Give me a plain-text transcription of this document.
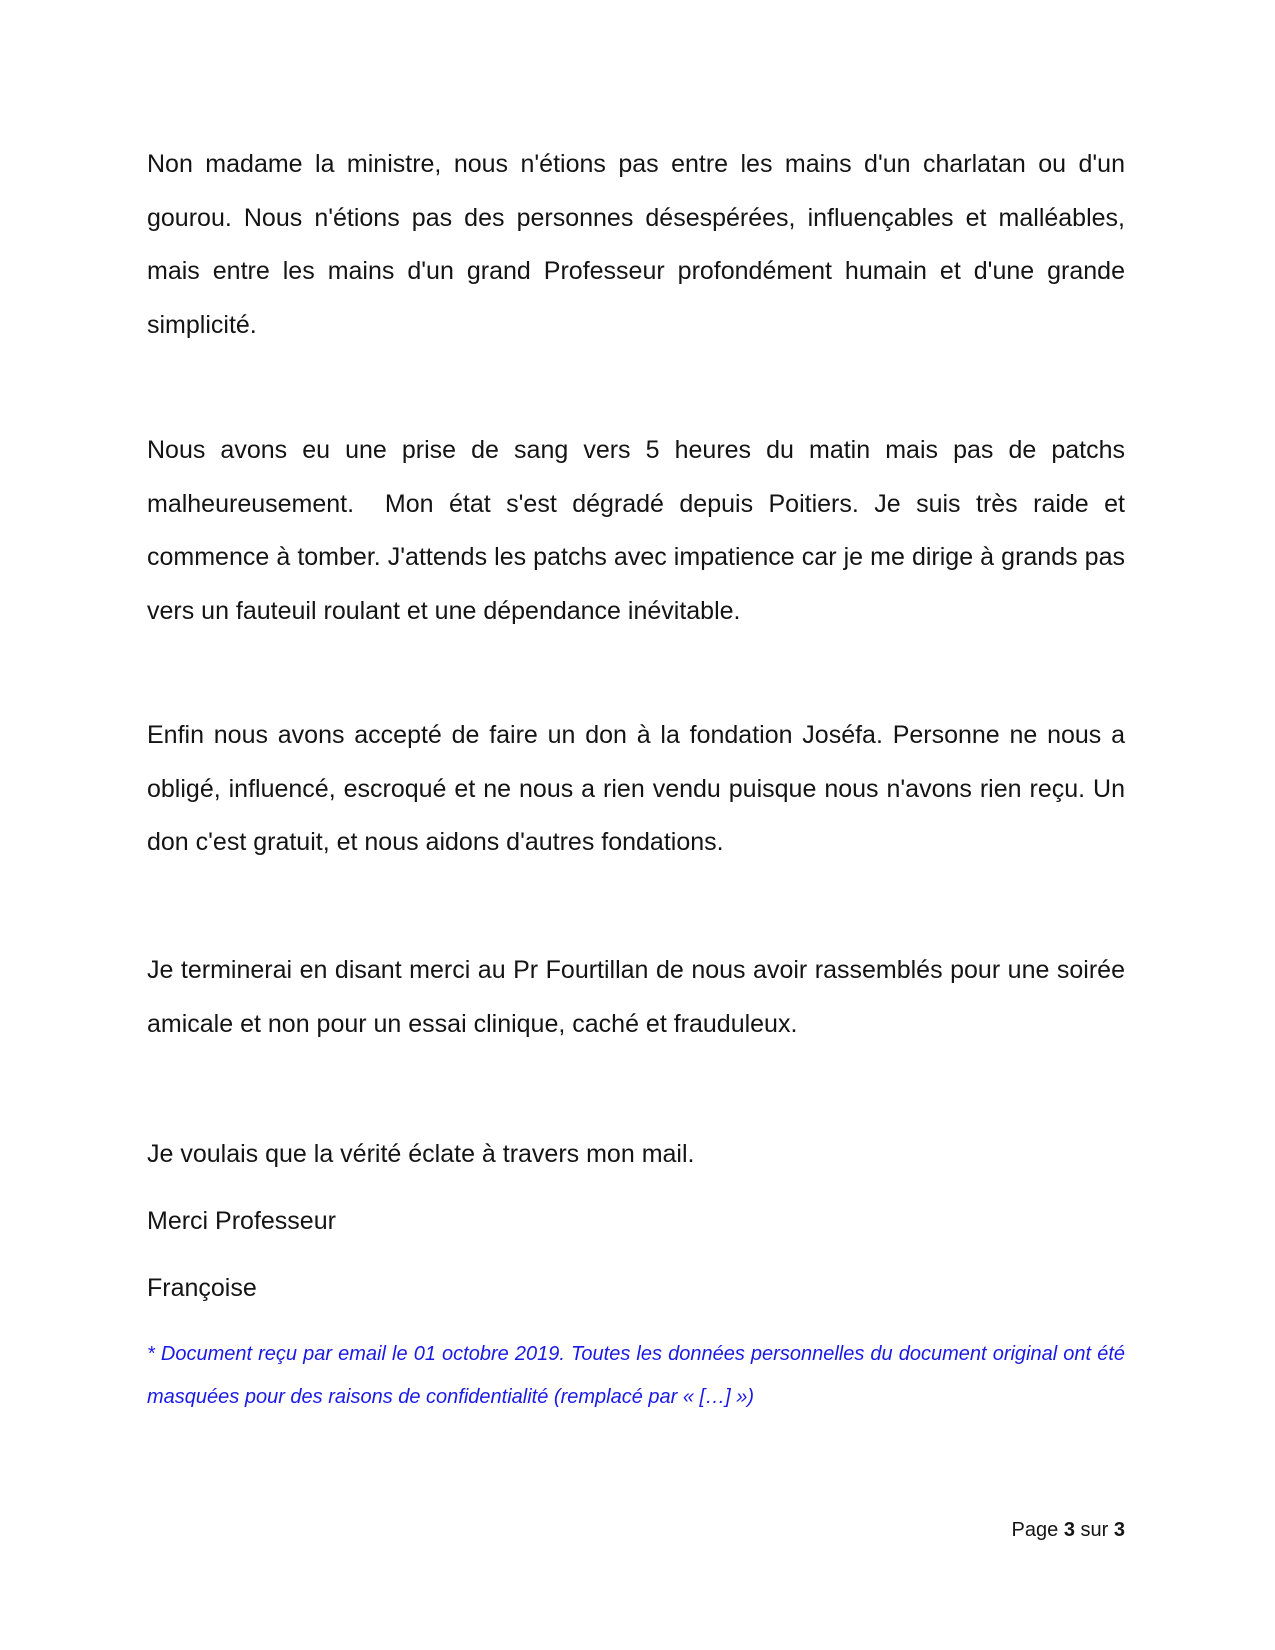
Non madame la ministre, nous n'étions pas entre les mains d'un charlatan ou d'un gourou. Nous n'étions pas des personnes désespérées, influençables et malléables, mais entre les mains d'un grand Professeur profondément humain et d'une grande simplicité.

Nous avons eu une prise de sang vers 5 heures du matin mais pas de patchs malheureusement.  Mon état s'est dégradé depuis Poitiers. Je suis très raide et commence à tomber. J'attends les patchs avec impatience car je me dirige à grands pas vers un fauteuil roulant et une dépendance inévitable.

Enfin nous avons accepté de faire un don à la fondation Joséfa. Personne ne nous a obligé, influencé, escroqué et ne nous a rien vendu puisque nous n'avons rien reçu. Un don c'est gratuit, et nous aidons d'autres fondations.

Je terminerai en disant merci au Pr Fourtillan de nous avoir rassemblés pour une soirée amicale et non pour un essai clinique, caché et frauduleux.

Je voulais que la vérité éclate à travers mon mail.

Merci Professeur

Françoise

* Document reçu par email le 01 octobre 2019. Toutes les données personnelles du document original ont été masquées pour des raisons de confidentialité (remplacé par « […] »)

Page 3 sur 3
